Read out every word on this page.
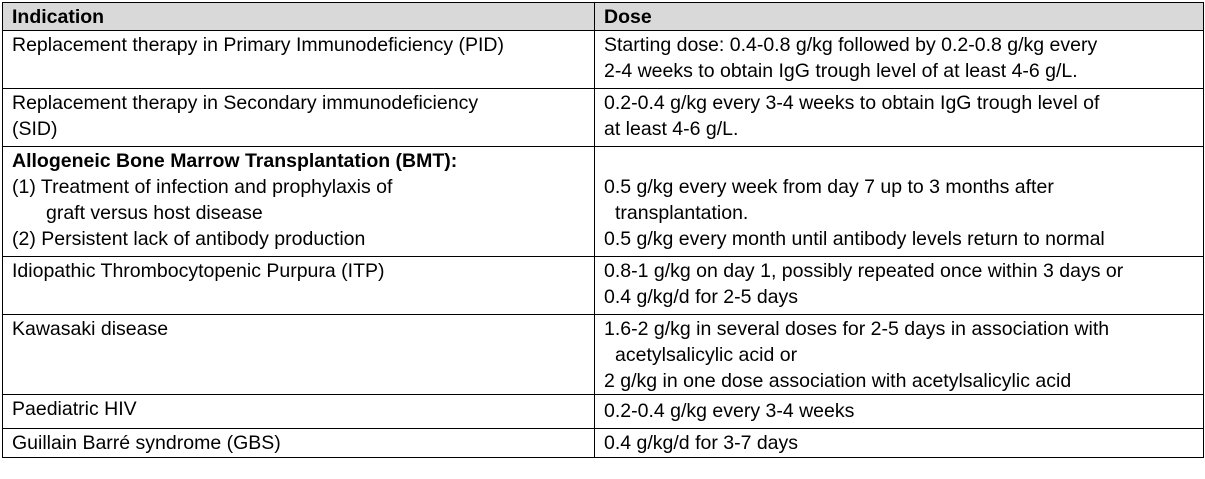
Indication	Dose

Replacement therapy in Primary Immunodeficiency (PID)	Starting dose: 0.4-0.8 g/kg followed by 0.2-0.8 g/kg every
2-4 weeks to obtain IgG trough level of at least 4-6 g/L.

Replacement therapy in Secondary immunodeficiency
(SID)	0.2-0.4 g/kg every 3-4 weeks to obtain IgG trough level of
at least 4-6 g/L.

Allogeneic Bone Marrow Transplantation (BMT):
(1) Treatment of infection and prophylaxis of
graft versus host disease
(2) Persistent lack of antibody production	0.5 g/kg every week from day 7 up to 3 months after
transplantation.
0.5 g/kg every month until antibody levels return to normal

Idiopathic Thrombocytopenic Purpura (ITP)	0.8-1 g/kg on day 1, possibly repeated once within 3 days or
0.4 g/kg/d for 2-5 days

Kawasaki disease	1.6-2 g/kg in several doses for 2-5 days in association with
acetylsalicylic acid or
2 g/kg in one dose association with acetylsalicylic acid

Paediatric HIV	0.2-0.4 g/kg every 3-4 weeks

Guillain Barré syndrome (GBS)	0.4 g/kg/d for 3-7 days
